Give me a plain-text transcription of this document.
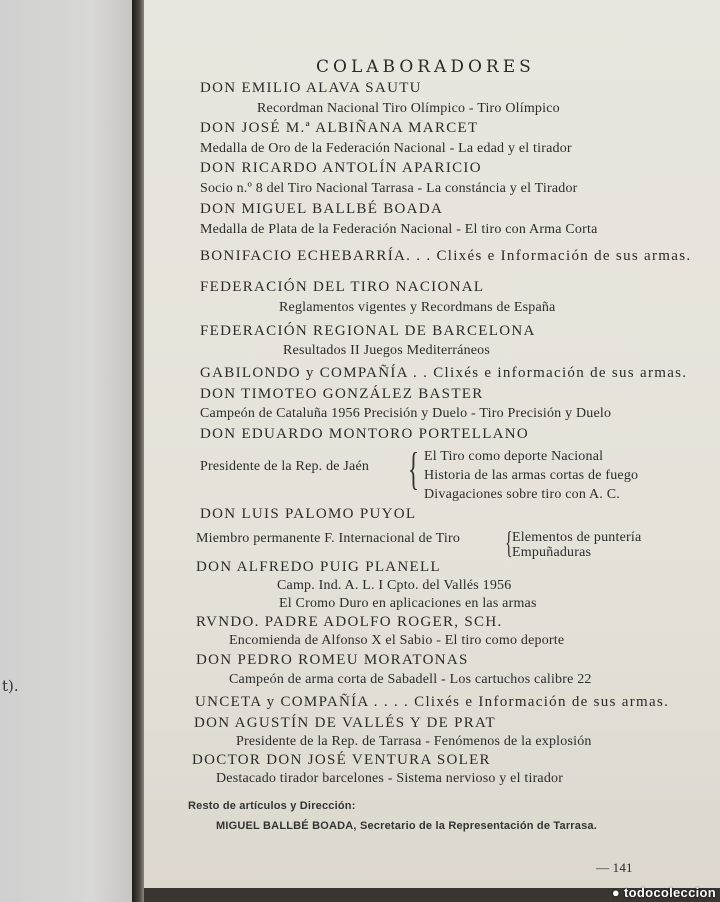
t).
COLABORADORES
DON EMILIO ALAVA SAUTU
Recordman Nacional Tiro Olímpico - Tiro Olímpico
DON JOSÉ M.ª ALBIÑANA MARCET
Medalla de Oro de la Federación Nacional - La edad y el tirador
DON RICARDO ANTOLÍN APARICIO
Socio n.º 8 del Tiro Nacional Tarrasa - La constáncia y el Tirador
DON MIGUEL BALLBÉ BOADA
Medalla de Plata de la Federación Nacional - El tiro con Arma Corta
BONIFACIO ECHEBARRÍA. . . Clixés e Información de sus armas.
FEDERACIÓN DEL TIRO NACIONAL
Reglamentos vigentes y Recordmans de España
FEDERACIÓN REGIONAL DE BARCELONA
Resultados II Juegos Mediterráneos
GABILONDO y COMPAÑÍA . . Clixés e información de sus armas.
DON TIMOTEO GONZÁLEZ BASTER
Campeón de Cataluña 1956 Precisión y Duelo - Tiro Precisión y Duelo
DON EDUARDO MONTORO PORTELLANO
Presidente de la Rep. de Jaén { El Tiro como deporte Nacional
Historia de las armas cortas de fuego
Divagaciones sobre tiro con A. C.
DON LUIS PALOMO PUYOL
Miembro permanente F. Internacional de Tiro { Elementos de puntería
Empuñaduras
DON ALFREDO PUIG PLANELL
Camp. Ind. A. L. I Cpto. del Vallés 1956
El Cromo Duro en aplicaciones en las armas
RVNDO. PADRE ADOLFO ROGER, SCH.
Encomienda de Alfonso X el Sabio - El tiro como deporte
DON PEDRO ROMEU MORATONAS
Campeón de arma corta de Sabadell - Los cartuchos calibre 22
UNCETA y COMPAÑÍA . . . . Clixés e Información de sus armas.
DON AGUSTÍN DE VALLÉS Y DE PRAT
Presidente de la Rep. de Tarrasa - Fenómenos de la explosión
DOCTOR DON JOSÉ VENTURA SOLER
Destacado tirador barcelones - Sistema nervioso y el tirador
Resto de artículos y Dirección:
MIGUEL BALLBÉ BOADA, Secretario de la Representación de Tarrasa.
— 141
● todocoleccion
